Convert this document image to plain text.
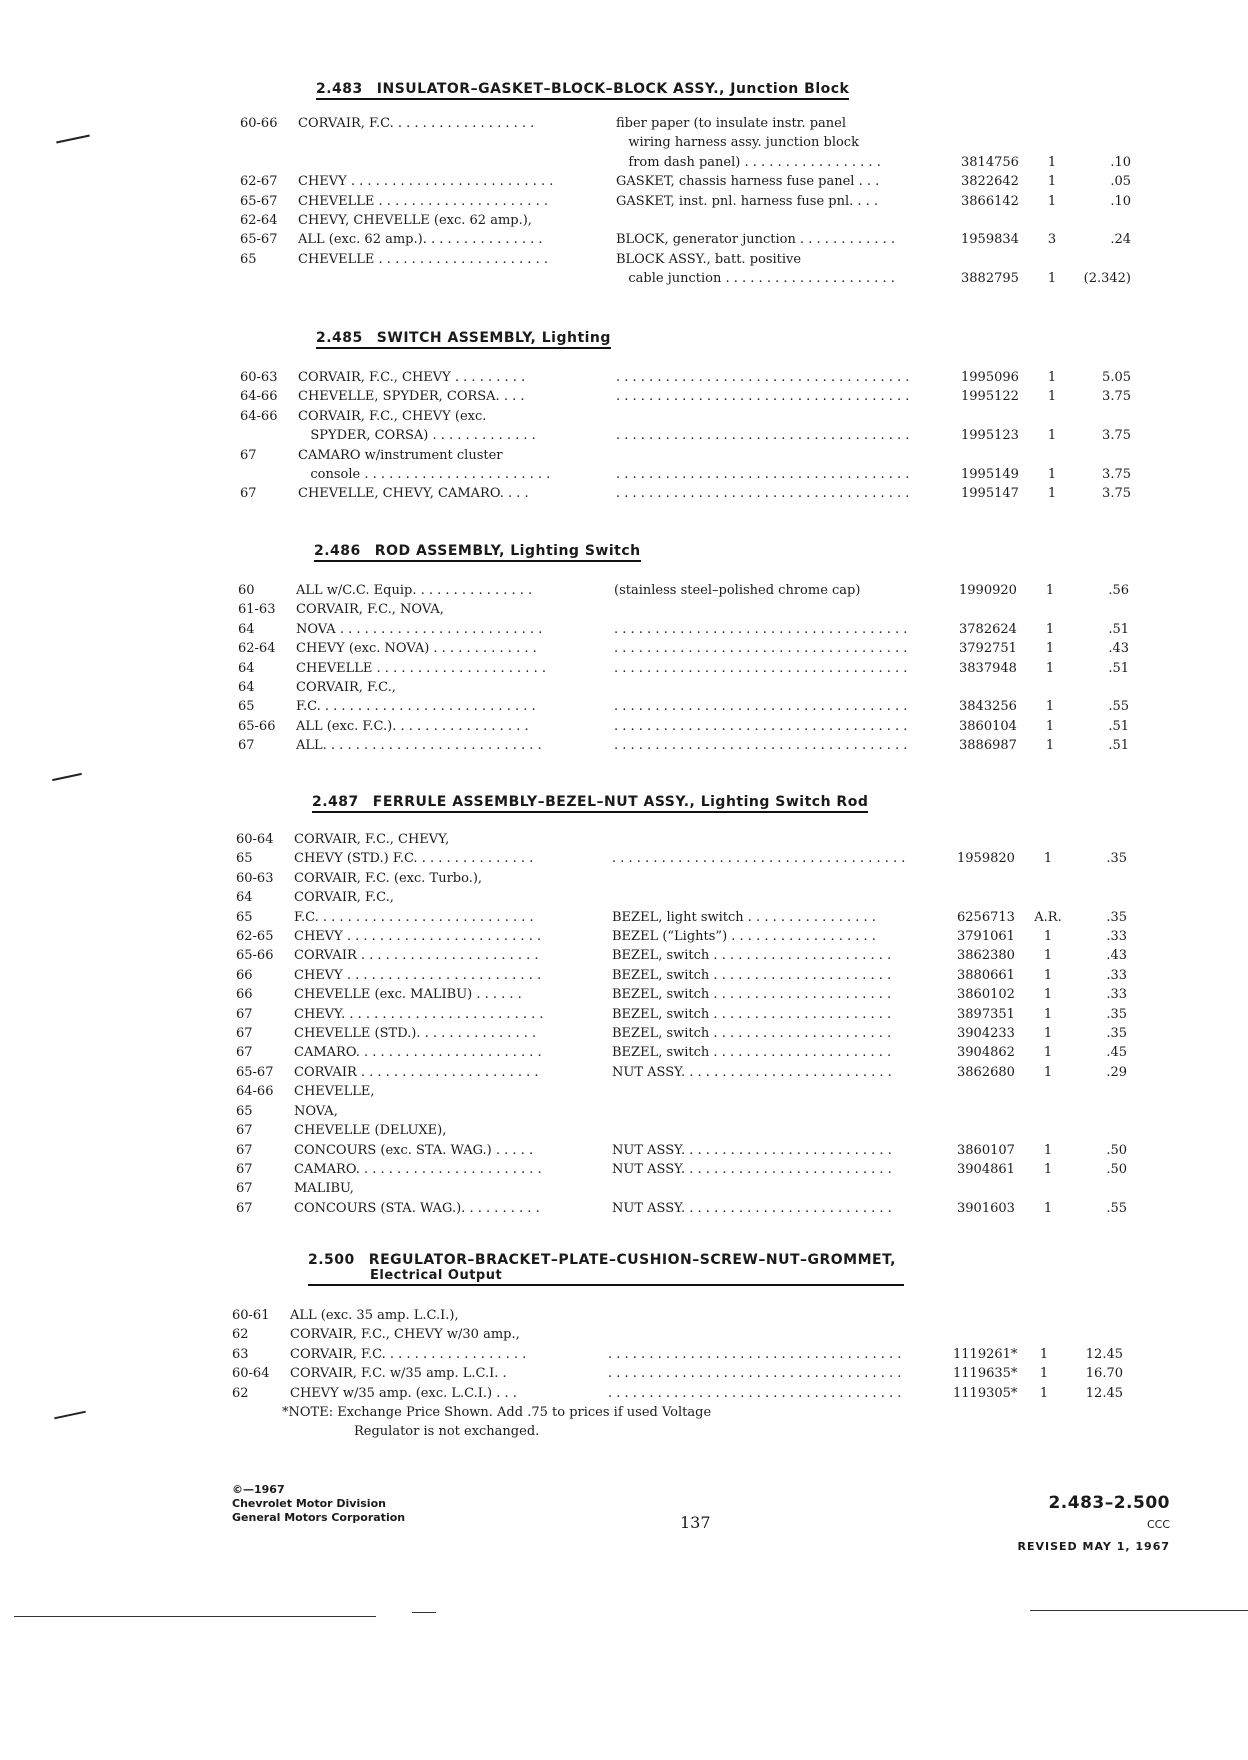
2.483 INSULATOR–GASKET–BLOCK–BLOCK ASSY., Junction Block
60-66	CORVAIR, F.C. . . . . . . . . . . . . . . . . .	fiber paper (to insulate instr. panel
wiring harness assy. junction block
from dash panel) . . . . . . . . . . . . . . . . .	3814756	1	.10
62-67	CHEVY . . . . . . . . . . . . . . . . . . . . . . . . .	GASKET, chassis harness fuse panel . . .	3822642	1	.05
65-67	CHEVELLE . . . . . . . . . . . . . . . . . . . . .	GASKET, inst. pnl. harness fuse pnl. . . .	3866142	1	.10
62-64	CHEVY, CHEVELLE (exc. 62 amp.),
65-67	ALL (exc. 62 amp.). . . . . . . . . . . . . . .	BLOCK, generator junction . . . . . . . . . . . .	1959834	3	.24
65	CHEVELLE . . . . . . . . . . . . . . . . . . . . .	BLOCK ASSY., batt. positive
cable junction . . . . . . . . . . . . . . . . . . . . .	3882795	1	(2.342)
2.485 SWITCH ASSEMBLY, Lighting
60-63	CORVAIR, F.C., CHEVY . . . . . . . . .	. . . . . . . . . . . . . . . . . . . . . . . . . . . . . . . . . . . .	1995096	1	5.05
64-66	CHEVELLE, SPYDER, CORSA. . . .	. . . . . . . . . . . . . . . . . . . . . . . . . . . . . . . . . . . .	1995122	1	3.75
64-66	CORVAIR, F.C., CHEVY (exc.
SPYDER, CORSA) . . . . . . . . . . . . .	. . . . . . . . . . . . . . . . . . . . . . . . . . . . . . . . . . . .	1995123	1	3.75
67	CAMARO w/instrument cluster
console . . . . . . . . . . . . . . . . . . . . . . .	. . . . . . . . . . . . . . . . . . . . . . . . . . . . . . . . . . . .	1995149	1	3.75
67	CHEVELLE, CHEVY, CAMARO. . . .	. . . . . . . . . . . . . . . . . . . . . . . . . . . . . . . . . . . .	1995147	1	3.75
2.486 ROD ASSEMBLY, Lighting Switch
60	ALL w/C.C. Equip. . . . . . . . . . . . . . .	(stainless steel–polished chrome cap)	1990920	1	.56
61-63	CORVAIR, F.C., NOVA,
64	NOVA . . . . . . . . . . . . . . . . . . . . . . . . .	. . . . . . . . . . . . . . . . . . . . . . . . . . . . . . . . . . . .	3782624	1	.51
62-64	CHEVY (exc. NOVA) . . . . . . . . . . . . .	. . . . . . . . . . . . . . . . . . . . . . . . . . . . . . . . . . . .	3792751	1	.43
64	CHEVELLE . . . . . . . . . . . . . . . . . . . . .	. . . . . . . . . . . . . . . . . . . . . . . . . . . . . . . . . . . .	3837948	1	.51
64	CORVAIR, F.C.,
65	F.C. . . . . . . . . . . . . . . . . . . . . . . . . . .	. . . . . . . . . . . . . . . . . . . . . . . . . . . . . . . . . . . .	3843256	1	.55
65-66	ALL (exc. F.C.). . . . . . . . . . . . . . . . .	. . . . . . . . . . . . . . . . . . . . . . . . . . . . . . . . . . . .	3860104	1	.51
67	ALL. . . . . . . . . . . . . . . . . . . . . . . . . . .	. . . . . . . . . . . . . . . . . . . . . . . . . . . . . . . . . . . .	3886987	1	.51
2.487 FERRULE ASSEMBLY–BEZEL–NUT ASSY., Lighting Switch Rod
60-64	CORVAIR, F.C., CHEVY,
65	CHEVY (STD.) F.C. . . . . . . . . . . . . . .	. . . . . . . . . . . . . . . . . . . . . . . . . . . . . . . . . . . .	1959820	1	.35
60-63	CORVAIR, F.C. (exc. Turbo.),
64	CORVAIR, F.C.,
65	F.C. . . . . . . . . . . . . . . . . . . . . . . . . . .	BEZEL, light switch . . . . . . . . . . . . . . . .	6256713	A.R.	.35
62-65	CHEVY . . . . . . . . . . . . . . . . . . . . . . . .	BEZEL (“Lights”) . . . . . . . . . . . . . . . . . .	3791061	1	.33
65-66	CORVAIR . . . . . . . . . . . . . . . . . . . . . .	BEZEL, switch . . . . . . . . . . . . . . . . . . . . . .	3862380	1	.43
66	CHEVY . . . . . . . . . . . . . . . . . . . . . . . .	BEZEL, switch . . . . . . . . . . . . . . . . . . . . . .	3880661	1	.33
66	CHEVELLE (exc. MALIBU) . . . . . .	BEZEL, switch . . . . . . . . . . . . . . . . . . . . . .	3860102	1	.33
67	CHEVY. . . . . . . . . . . . . . . . . . . . . . . . .	BEZEL, switch . . . . . . . . . . . . . . . . . . . . . .	3897351	1	.35
67	CHEVELLE (STD.). . . . . . . . . . . . . . .	BEZEL, switch . . . . . . . . . . . . . . . . . . . . . .	3904233	1	.35
67	CAMARO. . . . . . . . . . . . . . . . . . . . . . .	BEZEL, switch . . . . . . . . . . . . . . . . . . . . . .	3904862	1	.45
65-67	CORVAIR . . . . . . . . . . . . . . . . . . . . . .	NUT ASSY. . . . . . . . . . . . . . . . . . . . . . . . . .	3862680	1	.29
64-66	CHEVELLE,
65	NOVA,
67	CHEVELLE (DELUXE),
67	CONCOURS (exc. STA. WAG.) . . . . .	NUT ASSY. . . . . . . . . . . . . . . . . . . . . . . . . .	3860107	1	.50
67	CAMARO. . . . . . . . . . . . . . . . . . . . . . .	NUT ASSY. . . . . . . . . . . . . . . . . . . . . . . . . .	3904861	1	.50
67	MALIBU,
67	CONCOURS (STA. WAG.). . . . . . . . . .	NUT ASSY. . . . . . . . . . . . . . . . . . . . . . . . . .	3901603	1	.55
2.500 REGULATOR–BRACKET–PLATE–CUSHION–SCREW–NUT–GROMMET,
Electrical Output
60-61	ALL (exc. 35 amp. L.C.I.),
62	CORVAIR, F.C., CHEVY w/30 amp.,
63	CORVAIR, F.C. . . . . . . . . . . . . . . . . .	. . . . . . . . . . . . . . . . . . . . . . . . . . . . . . . . . . . .	1119261*	1	12.45
60-64	CORVAIR, F.C. w/35 amp. L.C.I. .	. . . . . . . . . . . . . . . . . . . . . . . . . . . . . . . . . . . .	1119635*	1	16.70
62	CHEVY w/35 amp. (exc. L.C.I.) . . .	. . . . . . . . . . . . . . . . . . . . . . . . . . . . . . . . . . . .	1119305*	1	12.45
*NOTE: Exchange Price Shown. Add .75 to prices if used Voltage
Regulator is not exchanged.
©—1967
Chevrolet Motor Division
General Motors Corporation	137
2.483–2.500
CCC
REVISED MAY 1, 1967
